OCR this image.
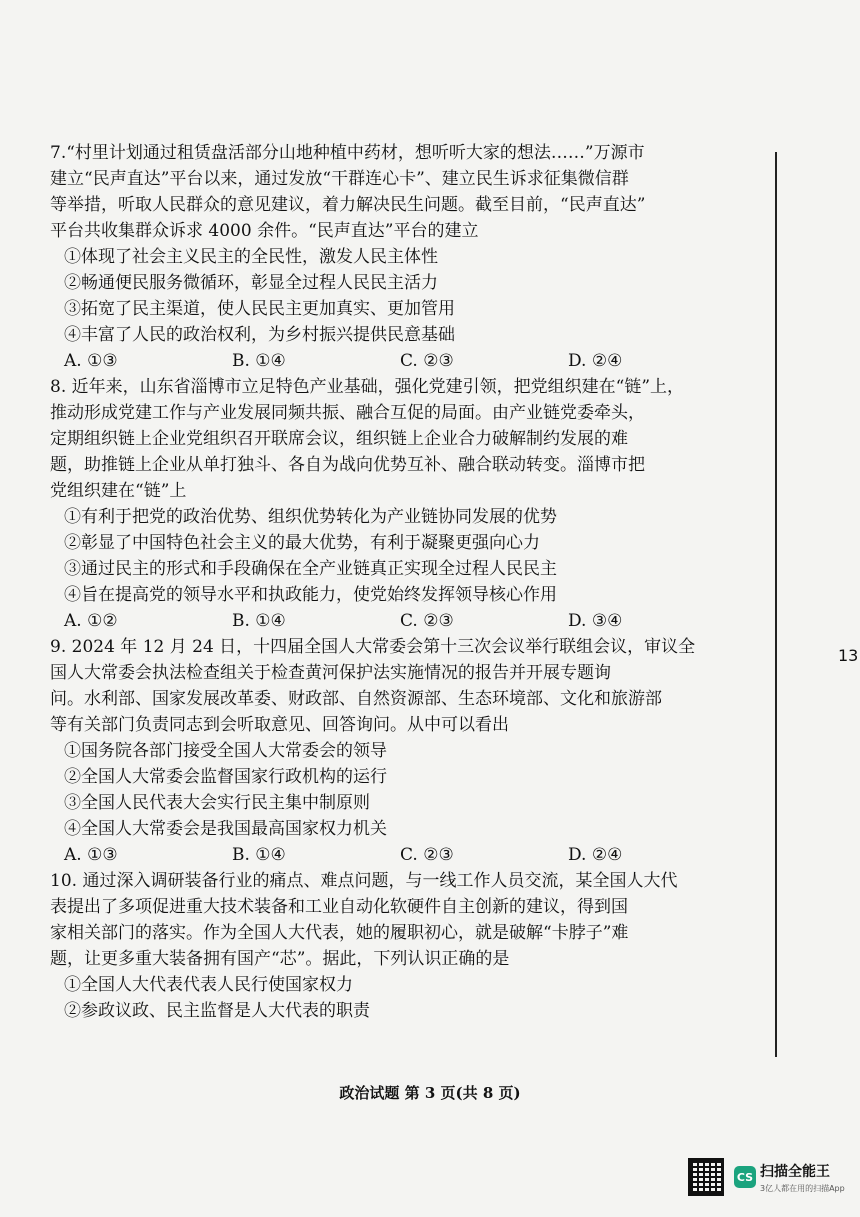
7.“村里计划通过租赁盘活部分山地种植中药材，想听听大家的想法……”万源市

建立“民声直达”平台以来，通过发放“干群连心卡”、建立民生诉求征集微信群

等举措，听取人民群众的意见建议，着力解决民生问题。截至目前，“民声直达”

平台共收集群众诉求 4000 余件。“民声直达”平台的建立

①体现了社会主义民主的全民性，激发人民主体性

②畅通便民服务微循环，彰显全过程人民民主活力

③拓宽了民主渠道，使人民民主更加真实、更加管用

④丰富了人民的政治权利，为乡村振兴提供民意基础

A. ①③	B. ①④	C. ②③	D. ②④

8. 近年来，山东省淄博市立足特色产业基础，强化党建引领，把党组织建在“链”上，

推动形成党建工作与产业发展同频共振、融合互促的局面。由产业链党委牵头，

定期组织链上企业党组织召开联席会议，组织链上企业合力破解制约发展的难

题，助推链上企业从单打独斗、各自为战向优势互补、融合联动转变。淄博市把

党组织建在“链”上

①有利于把党的政治优势、组织优势转化为产业链协同发展的优势

②彰显了中国特色社会主义的最大优势，有利于凝聚更强向心力

③通过民主的形式和手段确保在全产业链真正实现全过程人民民主

④旨在提高党的领导水平和执政能力，使党始终发挥领导核心作用

A. ①②	B. ①④	C. ②③	D. ③④

9. 2024 年 12 月 24 日，十四届全国人大常委会第十三次会议举行联组会议，审议全

国人大常委会执法检查组关于检查黄河保护法实施情况的报告并开展专题询

问。水利部、国家发展改革委、财政部、自然资源部、生态环境部、文化和旅游部

等有关部门负责同志到会听取意见、回答询问。从中可以看出

①国务院各部门接受全国人大常委会的领导

②全国人大常委会监督国家行政机构的运行

③全国人民代表大会实行民主集中制原则

④全国人大常委会是我国最高国家权力机关

A. ①③	B. ①④	C. ②③	D. ②④

10. 通过深入调研装备行业的痛点、难点问题，与一线工作人员交流，某全国人大代

表提出了多项促进重大技术装备和工业自动化软硬件自主创新的建议，得到国

家相关部门的落实。作为全国人大代表，她的履职初心，就是破解“卡脖子”难

题，让更多重大装备拥有国产“芯”。据此，下列认识正确的是

①全国人大代表代表人民行使国家权力

②参政议政、民主监督是人大代表的职责

13
政治试题 第 3 页(共 8 页)
CS 扫描全能王
3亿人都在用的扫描App
